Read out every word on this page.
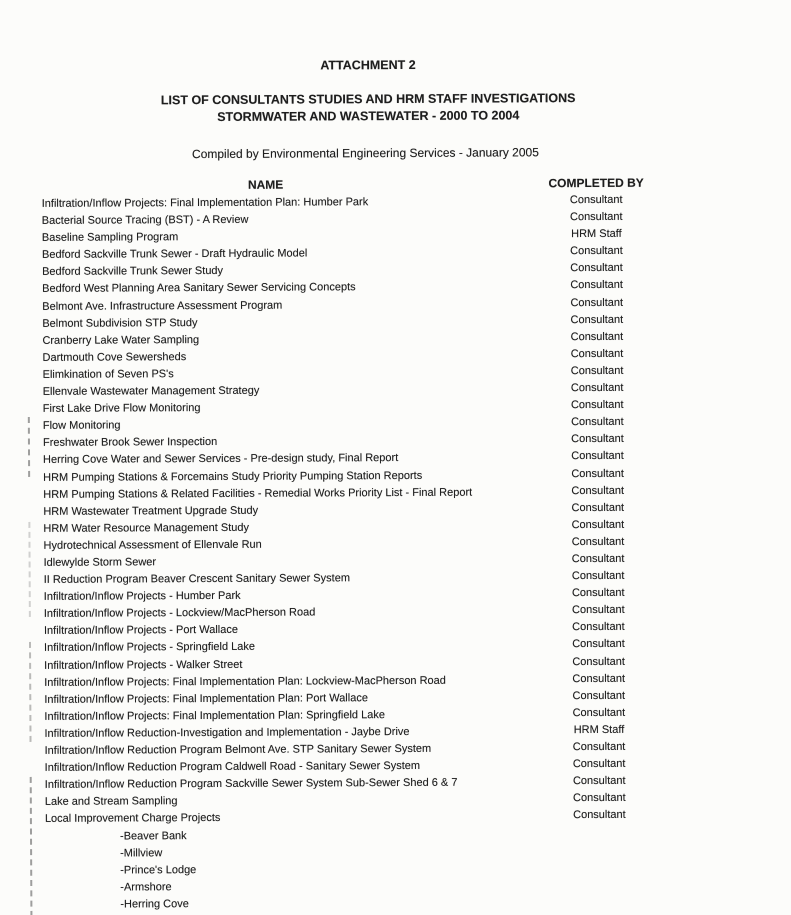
ATTACHMENT 2
LIST OF CONSULTANTS STUDIES AND HRM STAFF INVESTIGATIONS
STORMWATER AND WASTEWATER - 2000 TO 2004
Compiled by Environmental Engineering Services - January 2005
NAME	COMPLETED BY
Infiltration/Inflow Projects: Final Implementation Plan: Humber Park	Consultant
Bacterial Source Tracing (BST) - A Review	Consultant
Baseline Sampling Program	HRM Staff
Bedford Sackville Trunk Sewer - Draft Hydraulic Model	Consultant
Bedford Sackville Trunk Sewer Study	Consultant
Bedford West Planning Area Sanitary Sewer Servicing Concepts	Consultant
Belmont Ave. Infrastructure Assessment Program	Consultant
Belmont Subdivision STP Study	Consultant
Cranberry Lake Water Sampling	Consultant
Dartmouth Cove Sewersheds	Consultant
Elimkination of Seven PS's	Consultant
Ellenvale Wastewater Management Strategy	Consultant
First Lake Drive Flow Monitoring	Consultant
Flow Monitoring	Consultant
Freshwater Brook Sewer Inspection	Consultant
Herring Cove Water and Sewer Services - Pre-design study, Final Report	Consultant
HRM Pumping Stations & Forcemains Study Priority Pumping Station Reports	Consultant
HRM Pumping Stations & Related Facilities - Remedial Works Priority List - Final Report	Consultant
HRM Wastewater Treatment Upgrade Study	Consultant
HRM Water Resource Management Study	Consultant
Hydrotechnical Assessment of Ellenvale Run	Consultant
Idlewylde Storm Sewer	Consultant
II Reduction Program Beaver Crescent Sanitary Sewer System	Consultant
Infiltration/Inflow Projects - Humber Park	Consultant
Infiltration/Inflow Projects - Lockview/MacPherson Road	Consultant
Infiltration/Inflow Projects - Port Wallace	Consultant
Infiltration/Inflow Projects - Springfield Lake	Consultant
Infiltration/Inflow Projects - Walker Street	Consultant
Infiltration/Inflow Projects: Final Implementation Plan: Lockview-MacPherson Road	Consultant
Infiltration/Inflow Projects: Final Implementation Plan: Port Wallace	Consultant
Infiltration/Inflow Projects: Final Implementation Plan: Springfield Lake	Consultant
Infiltration/Inflow Reduction-Investigation and Implementation - Jaybe Drive	HRM Staff
Infiltration/Inflow Reduction Program Belmont Ave. STP Sanitary Sewer System	Consultant
Infiltration/Inflow Reduction Program Caldwell Road - Sanitary Sewer System	Consultant
Infiltration/Inflow Reduction Program Sackville Sewer System Sub-Sewer Shed 6 & 7	Consultant
Lake and Stream Sampling	Consultant
Local Improvement Charge Projects	Consultant
-Beaver Bank
-Millview
-Prince's Lodge
-Armshore
-Herring Cove
